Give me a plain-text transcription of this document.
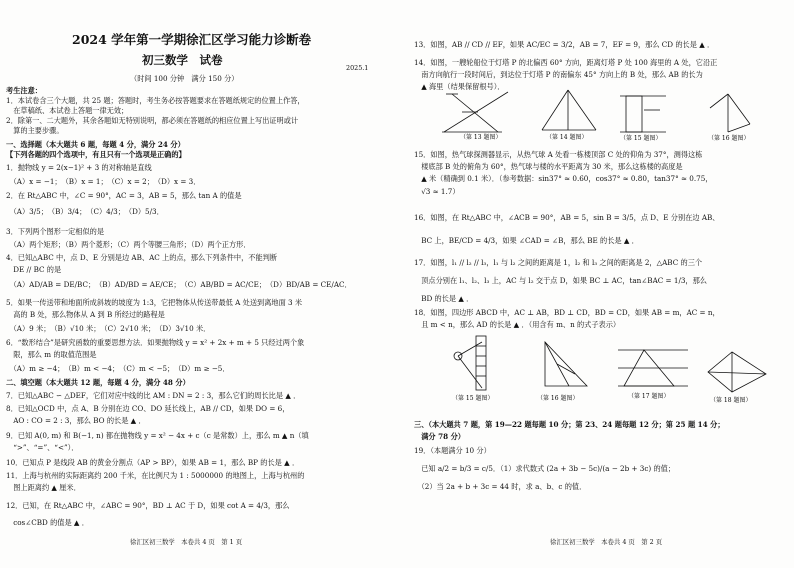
2024 学年第一学期徐汇区学习能力诊断卷
初三数学　试卷
2025.1
（时间 100 分钟　满分 150 分）
考生注意：
1．本试卷含三个大题，共 25 题；答题时，考生务必按答题要求在答题纸规定的位置上作答，
　在草稿纸、本试卷上答题一律无效；
2．除第一、二大题外，其余各题如无特别说明，都必须在答题纸的相应位置上写出证明或计
　算的主要步骤。
一、选择题（本大题共 6 题，每题 4 分，满分 24 分）
【下列各题的四个选项中，有且只有一个选项是正确的】
1．抛物线 y = 2(x−1)² + 3 的对称轴是直线
　（A）x = −1；　（B）x = 1；　（C）x = 2；　（D）x = 3．
2．在 Rt△ABC 中，∠C = 90°，AC = 3，AB = 5，那么 tan A 的值是
　（A）3/5；　（B）3/4；　（C）4/3；　（D）5/3．
3．下列两个图形一定相似的是
　（A）两个矩形；（B）两个菱形；（C）两个等腰三角形；（D）两个正方形．
4．已知△ABC 中，点 D、E 分别是边 AB、AC 上的点，那么下列条件中，不能判断
　DE // BC 的是
　（A）AD/AB = DE/BC；　（B）AD/BD = AE/CE；　（C）AB/BD = AC/CE；　（D）BD/AB = CE/AC．
5．如果一传送带和地面所成斜坡的坡度为 1:3，它把物体从传送带最低 A 处送到离地面 3 米
　高的 B 处，那么物体从 A 到 B 所经过的路程是
　（A）9 米；　（B）√10 米；　（C）2√10 米；　（D）3√10 米．
6．“数形结合”是研究函数的重要思想方法．如果抛物线 y = x² + 2x + m + 5 只经过两个象
　限，那么 m 的取值范围是
　（A）m ≥ −4；　（B）m < −4；　（C）m < −5；　（D）m ≥ −5．
二、填空题（本大题共 12 题，每题 4 分，满分 48 分）
7．已知△ABC ∽ △DEF，它们对应中线的比 AM : DN = 2 : 3，那么它们的周长比是 ▲ ．
8．已知△OCD 中，点 A、B 分别在边 CO、DO 延长线上，AB // CD，如果 DO = 6，
　AO : CO = 2 : 3，那么 BO 的长是 ▲ ．
9．已知 A(0, m) 和 B(−1, n) 都在抛物线 y = x² − 4x + c（c 是常数）上，那么 m ▲ n（填
　“>”、“=”、“<”）．
10．已知点 P 是线段 AB 的黄金分割点（AP > BP），如果 AB = 1，那么 BP 的长是 ▲ ．
11．上海与杭州的实际距离约 200 千米，在比例尺为 1 : 5000000 的地图上，上海与杭州的
　图上距离约 ▲ 厘米．
12．已知，在 Rt△ABC 中，∠ABC = 90°，BD ⊥ AC 于 D，如果 cot A = 4/3，那么
　cos∠CBD 的值是 ▲ ．
徐汇区初三数学　本卷共 4 页　第 1 页
13．如图，AB // CD // EF，如果 AC/EC = 3/2，AB = 7，EF = 9，那么 CD 的长是 ▲ ．
14．如图，一艘轮船位于灯塔 P 的北偏西 60° 方向，距离灯塔 P 处 100 海里的 A 处，它沿正
　南方向航行一段时间后，到达位于灯塔 P 的南偏东 45° 方向上的 B 处，那么 AB 的长为
　▲ 海里（结果保留根号）．
（第 13 题图）	（第 14 题图）	（第 15 题图）	（第 16 题图）
15．如图，热气球探测器显示，从热气球 A 处看一栋楼顶部 C 处的仰角为 37°，测得这栋
　楼底部 B 处的俯角为 60°，热气球与楼的水平距离为 30 米，那么这栋楼的高度是
　▲ 米（精确到 0.1 米）．（参考数据：sin37° ≈ 0.60，cos37° ≈ 0.80，tan37° ≈ 0.75，
　√3 ≈ 1.7）
16．如图，在 Rt△ABC 中，∠ACB = 90°，AB = 5，sin B = 3/5，点 D、E 分别在边 AB、
　BC 上，BE/CD = 4/3，如果 ∠CAD = ∠B，那么 BE 的长是 ▲ ．
17．如图，l₁ // l₂ // l₃，l₁ 与 l₂ 之间的距离是 1，l₂ 和 l₃ 之间的距离是 2，△ABC 的三个
　顶点分别在 l₁、l₂、l₃ 上，AC 与 l₂ 交于点 D，如果 BC ⊥ AC，tan∠BAC = 1/3，那么
　BD 的长是 ▲ ．
18．如图，四边形 ABCD 中，AC ⊥ AB，BD ⊥ CD，BD = CD，如果 AB = m，AC = n，
　且 m < n，那么 AD 的长是 ▲ ．（用含有 m、n 的式子表示）
（第 15 题图）	（第 16 题图）	（第 17 题图）
（第 18 题图）
三、（本大题共 7 题，第 19—22 题每题 10 分；第 23、24 题每题 12 分；第 25 题 14 分；
　满分 78 分）
19．（本题满分 10 分）
　已知 a/2 = b/3 = c/5．（1）求代数式 (2a + 3b − 5c)/(a − 2b + 3c) 的值；
　（2）当 2a + b + 3c = 44 时，求 a、b、c 的值．
徐汇区初三数学　本卷共 4 页　第 2 页
